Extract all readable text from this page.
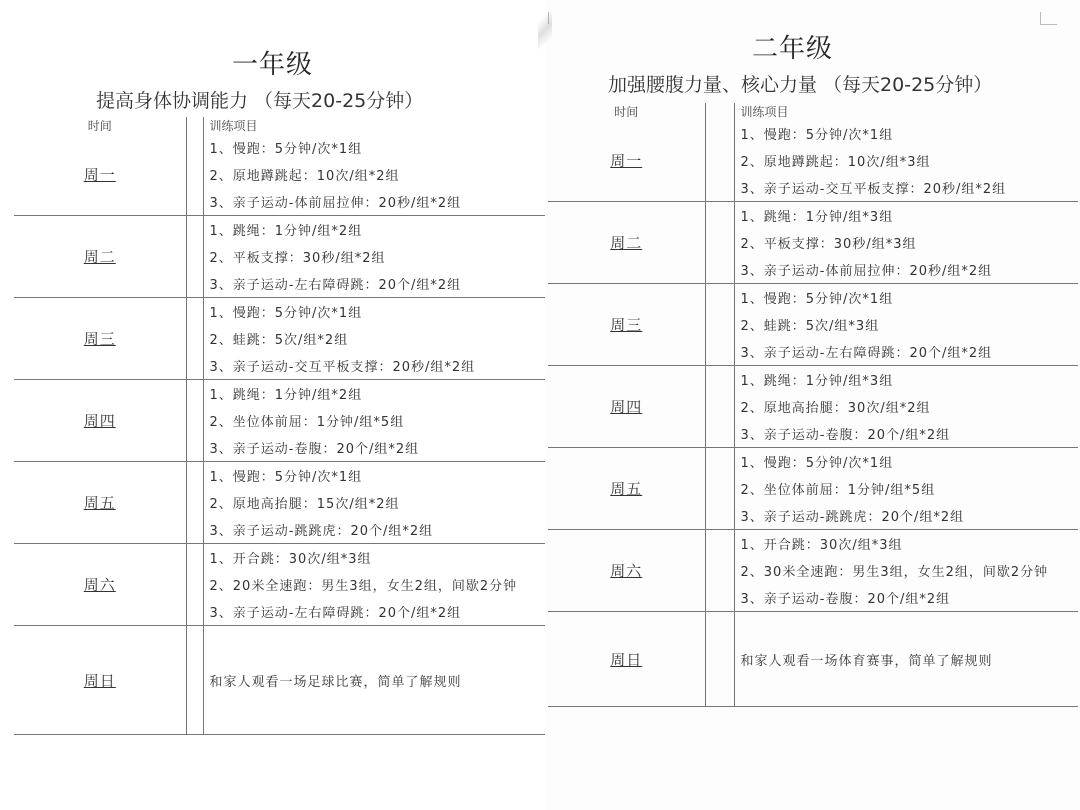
一年级
提高身体协调能力 （每天20-25分钟）
时间		训练项目
周一		1、慢跑：5分钟/次*1组
		2、原地蹲跳起：10次/组*2组
		3、亲子运动-体前屈拉伸：20秒/组*2组
周二		1、跳绳：1分钟/组*2组
		2、平板支撑：30秒/组*2组
		3、亲子运动-左右障碍跳：20个/组*2组
周三		1、慢跑：5分钟/次*1组
		2、蛙跳：5次/组*2组
		3、亲子运动-交互平板支撑：20秒/组*2组
周四		1、跳绳：1分钟/组*2组
		2、坐位体前屈：1分钟/组*5组
		3、亲子运动-卷腹：20个/组*2组
周五		1、慢跑：5分钟/次*1组
		2、原地高抬腿：15次/组*2组
		3、亲子运动-跳跳虎：20个/组*2组
周六		1、开合跳：30次/组*3组
		2、20米全速跑：男生3组，女生2组，间歇2分钟
		3、亲子运动-左右障碍跳：20个/组*2组
周日		和家人观看一场足球比赛，简单了解规则
二年级
加强腰腹力量、核心力量 （每天20-25分钟）
时间		训练项目
周一		1、慢跑：5分钟/次*1组
		2、原地蹲跳起：10次/组*3组
		3、亲子运动-交互平板支撑：20秒/组*2组
周二		1、跳绳：1分钟/组*3组
		2、平板支撑：30秒/组*3组
		3、亲子运动-体前屈拉伸：20秒/组*2组
周三		1、慢跑：5分钟/次*1组
		2、蛙跳：5次/组*3组
		3、亲子运动-左右障碍跳：20个/组*2组
周四		1、跳绳：1分钟/组*3组
		2、原地高抬腿：30次/组*2组
		3、亲子运动-卷腹：20个/组*2组
周五		1、慢跑：5分钟/次*1组
		2、坐位体前屈：1分钟/组*5组
		3、亲子运动-跳跳虎：20个/组*2组
周六		1、开合跳：30次/组*3组
		2、30米全速跑：男生3组，女生2组，间歇2分钟
		3、亲子运动-卷腹：20个/组*2组
周日		和家人观看一场体育赛事，简单了解规则
